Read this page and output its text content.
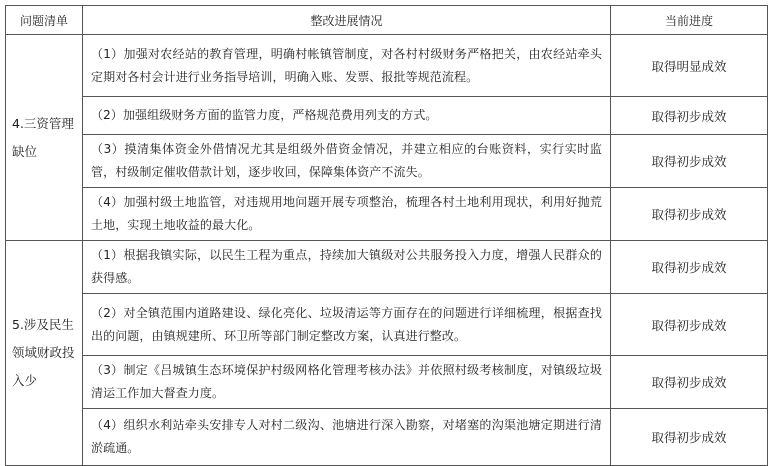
问题清单	整改进展情况	当前进度
4.三资管理缺位	（1）加强对农经站的教育管理，明确村帐镇管制度，对各村村级财务严格把关，由农经站牵头定期对各村会计进行业务指导培训，明确入账、发票、报批等规范流程。	取得明显成效
	（2）加强组级财务方面的监管力度，严格规范费用列支的方式。	取得初步成效
	（3）摸清集体资金外借情况尤其是组级外借资金情况，并建立相应的台账资料，实行实时监管，村级制定催收借款计划，逐步收回，保障集体资产不流失。	取得初步成效
	（4）加强村级土地监管，对违规用地问题开展专项整治，梳理各村土地利用现状，利用好抛荒土地，实现土地收益的最大化。	取得初步成效
5.涉及民生领域财政投入少	（1）根据我镇实际，以民生工程为重点，持续加大镇级对公共服务投入力度，增强人民群众的获得感。	取得初步成效
	（2）对全镇范围内道路建设、绿化亮化、垃圾清运等方面存在的问题进行详细梳理，根据查找出的问题，由镇规建所、环卫所等部门制定整改方案，认真进行整改。	取得初步成效
	（3）制定《吕城镇生态环境保护村级网格化管理考核办法》并依照村级考核制度，对镇级垃圾清运工作加大督查力度。	取得初步成效
	（4）组织水利站牵头安排专人对村二级沟、池塘进行深入勘察，对堵塞的沟渠池塘定期进行清淤疏通。	取得初步成效
